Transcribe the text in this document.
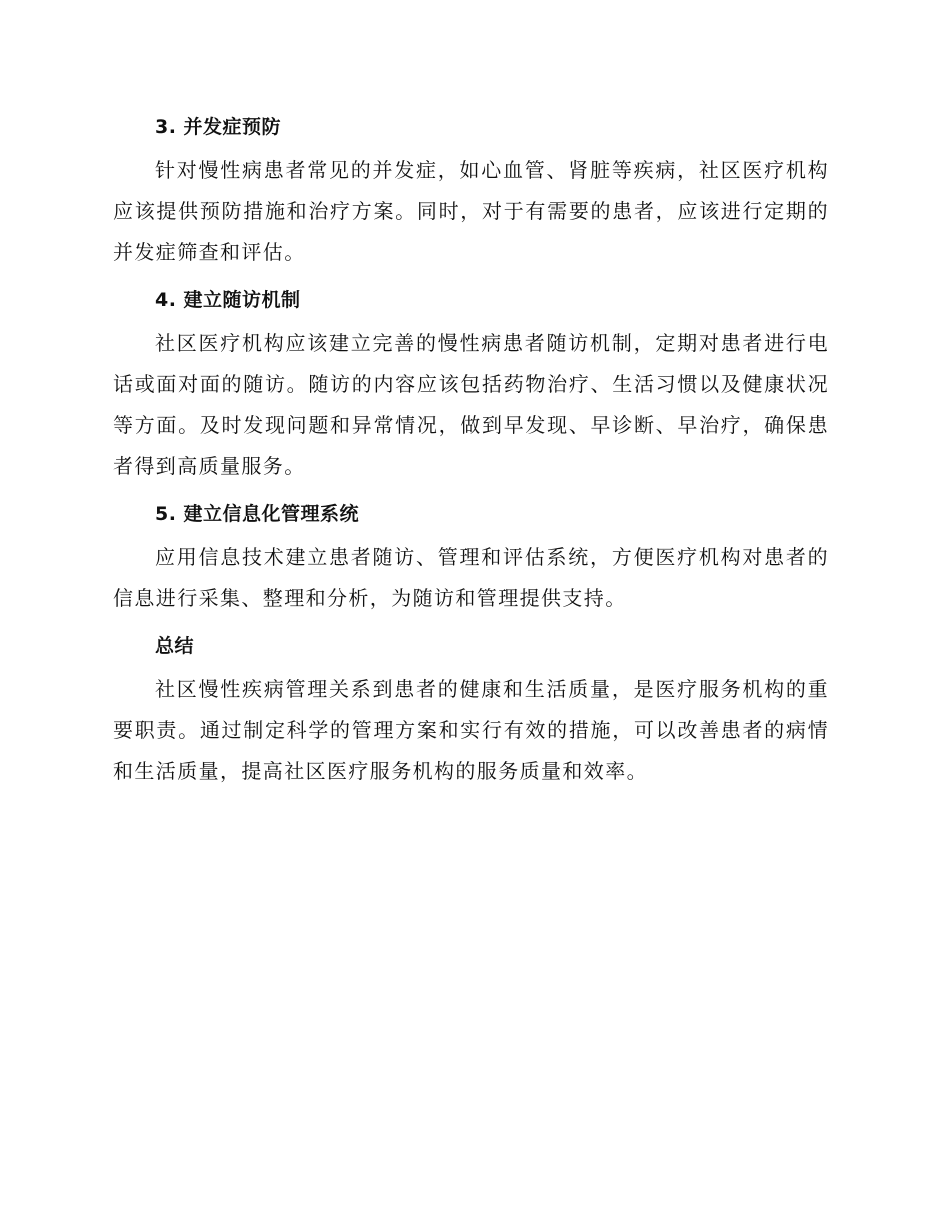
3. 并发症预防

针对慢性病患者常见的并发症，如心血管、肾脏等疾病，社区医疗机构应该提供预防措施和治疗方案。同时，对于有需要的患者，应该进行定期的并发症筛查和评估。

4. 建立随访机制

社区医疗机构应该建立完善的慢性病患者随访机制，定期对患者进行电话或面对面的随访。随访的内容应该包括药物治疗、生活习惯以及健康状况等方面。及时发现问题和异常情况，做到早发现、早诊断、早治疗，确保患者得到高质量服务。

5. 建立信息化管理系统

应用信息技术建立患者随访、管理和评估系统，方便医疗机构对患者的信息进行采集、整理和分析，为随访和管理提供支持。

总结

社区慢性疾病管理关系到患者的健康和生活质量，是医疗服务机构的重要职责。通过制定科学的管理方案和实行有效的措施，可以改善患者的病情和生活质量，提高社区医疗服务机构的服务质量和效率。
